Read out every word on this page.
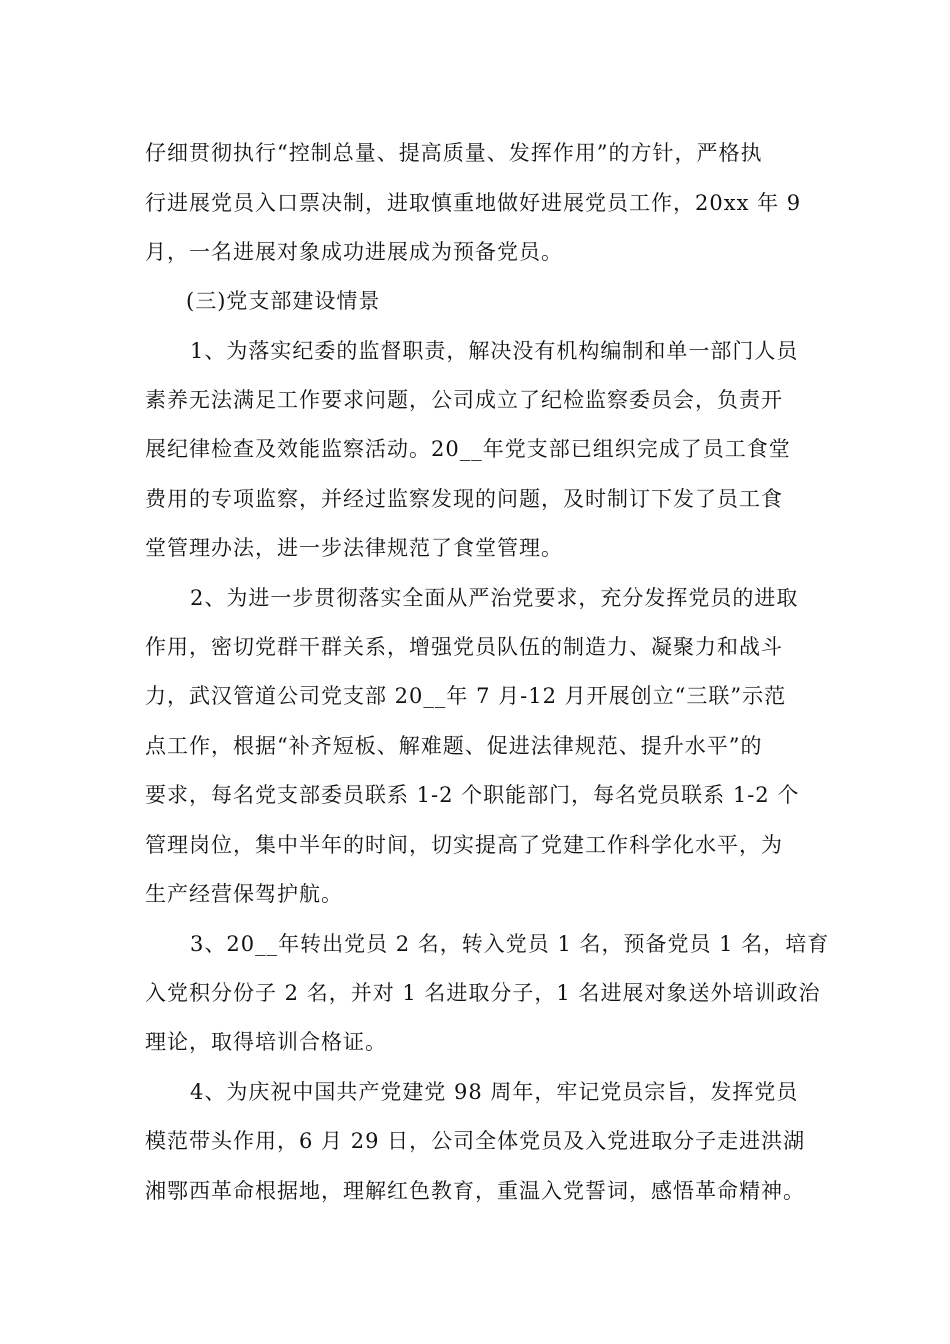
仔细贯彻执行“控制总量、提高质量、发挥作用”的方针，严格执
行进展党员入口票决制，进取慎重地做好进展党员工作，20xx 年 9
月，一名进展对象成功进展成为预备党员。
(三)党支部建设情景
1、为落实纪委的监督职责，解决没有机构编制和单一部门人员
素养无法满足工作要求问题，公司成立了纪检监察委员会，负责开
展纪律检查及效能监察活动。20__年党支部已组织完成了员工食堂
费用的专项监察，并经过监察发现的问题，及时制订下发了员工食
堂管理办法，进一步法律规范了食堂管理。
2、为进一步贯彻落实全面从严治党要求，充分发挥党员的进取
作用，密切党群干群关系，增强党员队伍的制造力、凝聚力和战斗
力，武汉管道公司党支部 20__年 7 月-12 月开展创立“三联”示范
点工作，根据“补齐短板、解难题、促进法律规范、提升水平”的
要求，每名党支部委员联系 1-2 个职能部门，每名党员联系 1-2 个
管理岗位，集中半年的时间，切实提高了党建工作科学化水平，为
生产经营保驾护航。
3、20__年转出党员 2 名，转入党员 1 名，预备党员 1 名，培育
入党积分份子 2 名，并对 1 名进取分子，1 名进展对象送外培训政治
理论，取得培训合格证。
4、为庆祝中国共产党建党 98 周年，牢记党员宗旨，发挥党员
模范带头作用，6 月 29 日，公司全体党员及入党进取分子走进洪湖
湘鄂西革命根据地，理解红色教育，重温入党誓词，感悟革命精神。
